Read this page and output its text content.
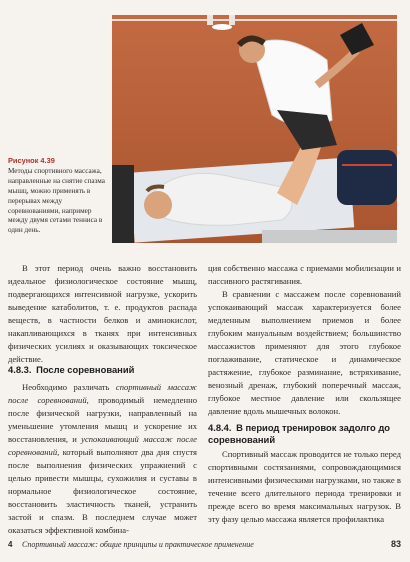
Рисунок 4.39
Методы спортивного массажа, направленные на снятие спазма мышц, можно применять в перерывах между соревнованиями, например между двумя сетами тенниса в один день.

В этот период очень важно восстановить идеальное физиологическое состояние мышц, подвергающихся интенсивной нагрузке, ускорить выведение катаболитов, т. е. продуктов распада веществ, в частности белков и аминокислот, накапливающихся в тканях при интенсивных физических усилиях и оказывающих токсическое действие.

4.8.3. После соревнований

Необходимо различать спортивный массаж после соревнований, проводимый немедленно после физической нагрузки, направленный на уменьшение утомления мышц и ускорение их восстановления, и успокаивающий массаж после соревнований, который выполняют два дня спустя после выполнения физических упражнений с целью привести мышцы, сухожилия и суставы в нормальное физиологическое состояние, восстановить эластичность тканей, устранить застой и спазм. В последнем случае может оказаться эффективной комбина-

ция собственно массажа с приемами мобилизации и пассивного растягивания.

В сравнении с массажем после соревнований успокаивающий массаж характеризуется более медленным выполнением приемов и более глубоким мануальным воздействием; большинство массажистов применяют для этого глубокое поглаживание, статическое и динамическое растяжение, глубокое разминание, встряхивание, венозный дренаж, глубокий поперечный массаж, глубокое местное давление или скользящее давление вдоль мышечных волокон.

4.8.4. В период тренировок задолго до соревнований

Спортивный массаж проводится не только перед спортивными состязаниями, сопровождающимися интенсивными физическими нагрузками, но также в течение всего длительного периода тренировки и прежде всего во время максимальных нагрузок. В эту фазу целью массажа является профилактика

4 Спортивный массаж: общие принципы и практическое применение	83
